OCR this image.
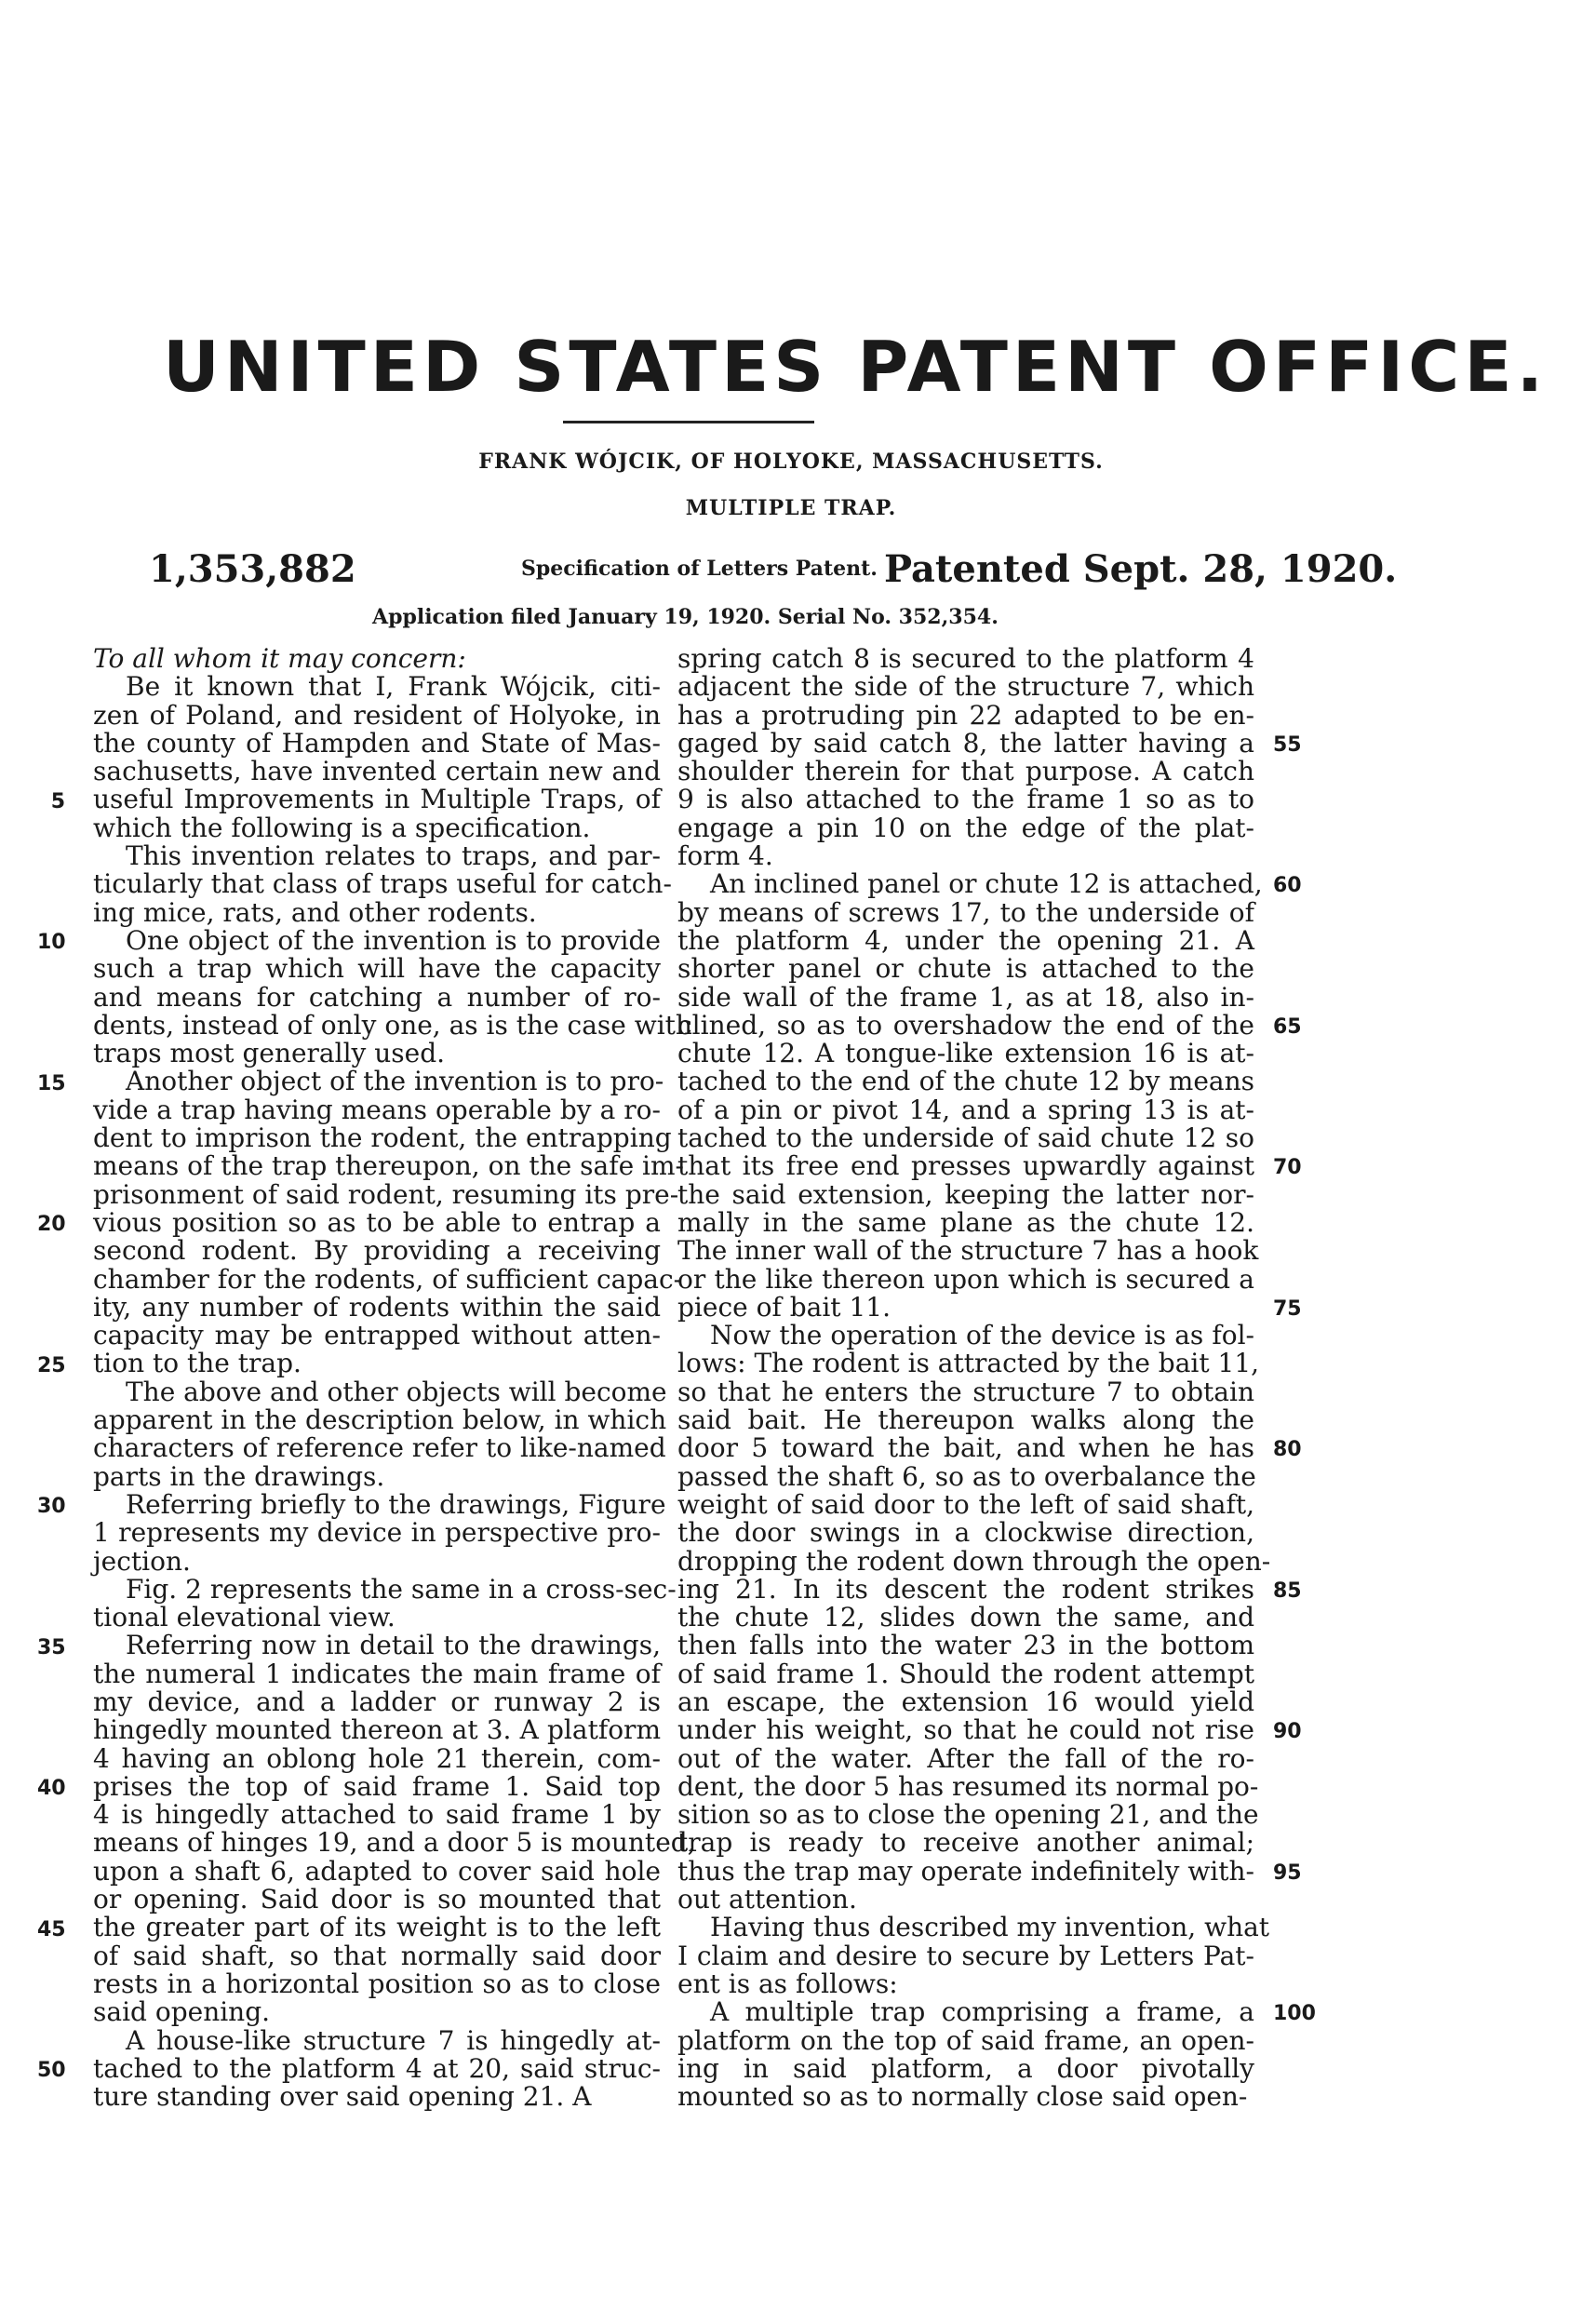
UNITED STATES PATENT OFFICE.
FRANK WÓJCIK, OF HOLYOKE, MASSACHUSETTS.
MULTIPLE TRAP.
1,353,882	Specification of Letters Patent. Patented Sept. 28, 1920.
Application filed January 19, 1920. Serial No. 352,354.
To all whom it may concern:
Be it known that I, Frank Wójcik, citi-
zen of Poland, and resident of Holyoke, in
the county of Hampden and State of Mas-
sachusetts, have invented certain new and
useful Improvements in Multiple Traps, of
which the following is a specification.
This invention relates to traps, and par-
ticularly that class of traps useful for catch-
ing mice, rats, and other rodents.
One object of the invention is to provide
such a trap which will have the capacity
and means for catching a number of ro-
dents, instead of only one, as is the case with
traps most generally used.
Another object of the invention is to pro-
vide a trap having means operable by a ro-
dent to imprison the rodent, the entrapping
means of the trap thereupon, on the safe im-
prisonment of said rodent, resuming its pre-
vious position so as to be able to entrap a
second rodent. By providing a receiving
chamber for the rodents, of sufficient capac-
ity, any number of rodents within the said
capacity may be entrapped without atten-
tion to the trap.
The above and other objects will become
apparent in the description below, in which
characters of reference refer to like-named
parts in the drawings.
Referring briefly to the drawings, Figure
1 represents my device in perspective pro-
jection.
Fig. 2 represents the same in a cross-sec-
tional elevational view.
Referring now in detail to the drawings,
the numeral 1 indicates the main frame of
my device, and a ladder or runway 2 is
hingedly mounted thereon at 3. A platform
4 having an oblong hole 21 therein, com-
prises the top of said frame 1. Said top
4 is hingedly attached to said frame 1 by
means of hinges 19, and a door 5 is mounted,
upon a shaft 6, adapted to cover said hole
or opening. Said door is so mounted that
the greater part of its weight is to the left
of said shaft, so that normally said door
rests in a horizontal position so as to close
said opening.
A house-like structure 7 is hingedly at-
tached to the platform 4 at 20, said struc-
ture standing over said opening 21. A
spring catch 8 is secured to the platform 4
adjacent the side of the structure 7, which
has a protruding pin 22 adapted to be en-
gaged by said catch 8, the latter having a
shoulder therein for that purpose. A catch
9 is also attached to the frame 1 so as to
engage a pin 10 on the edge of the plat-
form 4.
An inclined panel or chute 12 is attached,
by means of screws 17, to the underside of
the platform 4, under the opening 21. A
shorter panel or chute is attached to the
side wall of the frame 1, as at 18, also in-
clined, so as to overshadow the end of the
chute 12. A tongue-like extension 16 is at-
tached to the end of the chute 12 by means
of a pin or pivot 14, and a spring 13 is at-
tached to the underside of said chute 12 so
that its free end presses upwardly against
the said extension, keeping the latter nor-
mally in the same plane as the chute 12.
The inner wall of the structure 7 has a hook
or the like thereon upon which is secured a
piece of bait 11.
Now the operation of the device is as fol-
lows: The rodent is attracted by the bait 11,
so that he enters the structure 7 to obtain
said bait. He thereupon walks along the
door 5 toward the bait, and when he has
passed the shaft 6, so as to overbalance the
weight of said door to the left of said shaft,
the door swings in a clockwise direction,
dropping the rodent down through the open-
ing 21. In its descent the rodent strikes
the chute 12, slides down the same, and
then falls into the water 23 in the bottom
of said frame 1. Should the rodent attempt
an escape, the extension 16 would yield
under his weight, so that he could not rise
out of the water. After the fall of the ro-
dent, the door 5 has resumed its normal po-
sition so as to close the opening 21, and the
trap is ready to receive another animal;
thus the trap may operate indefinitely with-
out attention.
Having thus described my invention, what
I claim and desire to secure by Letters Pat-
ent is as follows:
A multiple trap comprising a frame, a
platform on the top of said frame, an open-
ing in said platform, a door pivotally
mounted so as to normally close said open-
5
10
15
20
25
30
35
40
45
50
55
60
65
70
75
80
85
90
95
100
